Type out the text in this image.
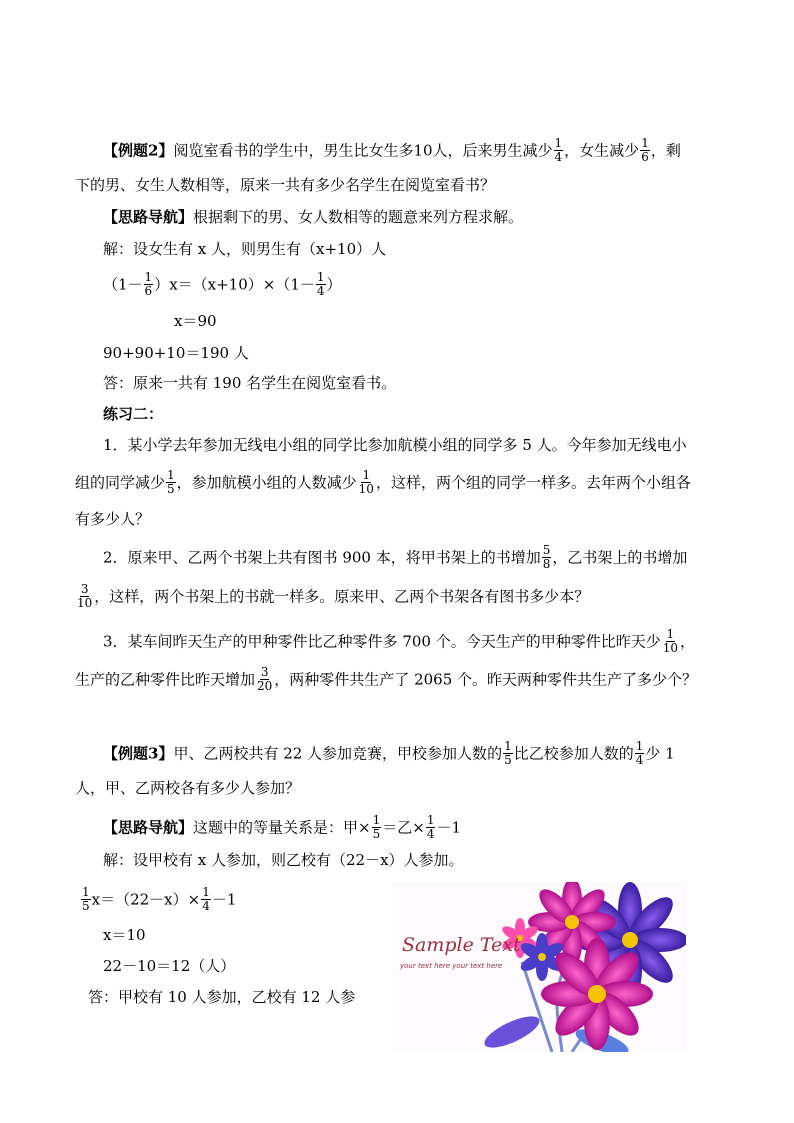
【例题2】阅览室看书的学生中，男生比女生多10人，后来男生减少 $\frac{1}{4}$ ，女生减少 $\frac{1}{6}$ ，剩
下的男、女生人数相等，原来一共有多少名学生在阅览室看书？
【思路导航】根据剩下的男、女人数相等的题意来列方程求解。
解：设女生有 x 人，则男生有（x+10）人
$(1- \frac{1}{6} )x=(x+10)\times(1- \frac{1}{4}$ ）
x＝90
90+90+10＝190 人
答：原来一共有 190 名学生在阅览室看书。
练习二：
1．某小学去年参加无线电小组的同学比参加航模小组的同学多 5 人。今年参加无线电小
组的同学减少 $\frac{1}{5}$ ，参加航模小组的人数减少 $\frac{1}{10}$ ，这样，两个组的同学一样多。去年两个小组各
有多少人？
2．原来甲、乙两个书架上共有图书 900 本，将甲书架上的书增加 $\frac{5}{8}$ ，乙书架上的书增加
$\frac{3}{10}$ ，这样，两个书架上的书就一样多。原来甲、乙两个书架各有图书多少本？
3．某车间昨天生产的甲种零件比乙种零件多 700 个。今天生产的甲种零件比昨天少 $\frac{1}{10}$ ，
生产的乙种零件比昨天增加 $\frac{3}{20}$ ，两种零件共生产了 2065 个。昨天两种零件共生产了多少个？
【例题3】甲、乙两校共有 22 人参加竞赛，甲校参加人数的 $\frac{1}{5}$ 比乙校参加人数的 $\frac{1}{4}$ 少 1
人，甲、乙两校各有多少人参加？
【思路导航】这题中的等量关系是：甲× $\frac{1}{5}$ ＝乙× $\frac{1}{4} -1$
解：设甲校有 x 人参加，则乙校有（22－x）人参加。
$\frac{1}{5} x=(22-x)\times \frac{1}{4} -1$
x＝10
22－10＝12（人）
答：甲校有 10 人参加，乙校有 12 人参
Sample Text
your text here your text here
